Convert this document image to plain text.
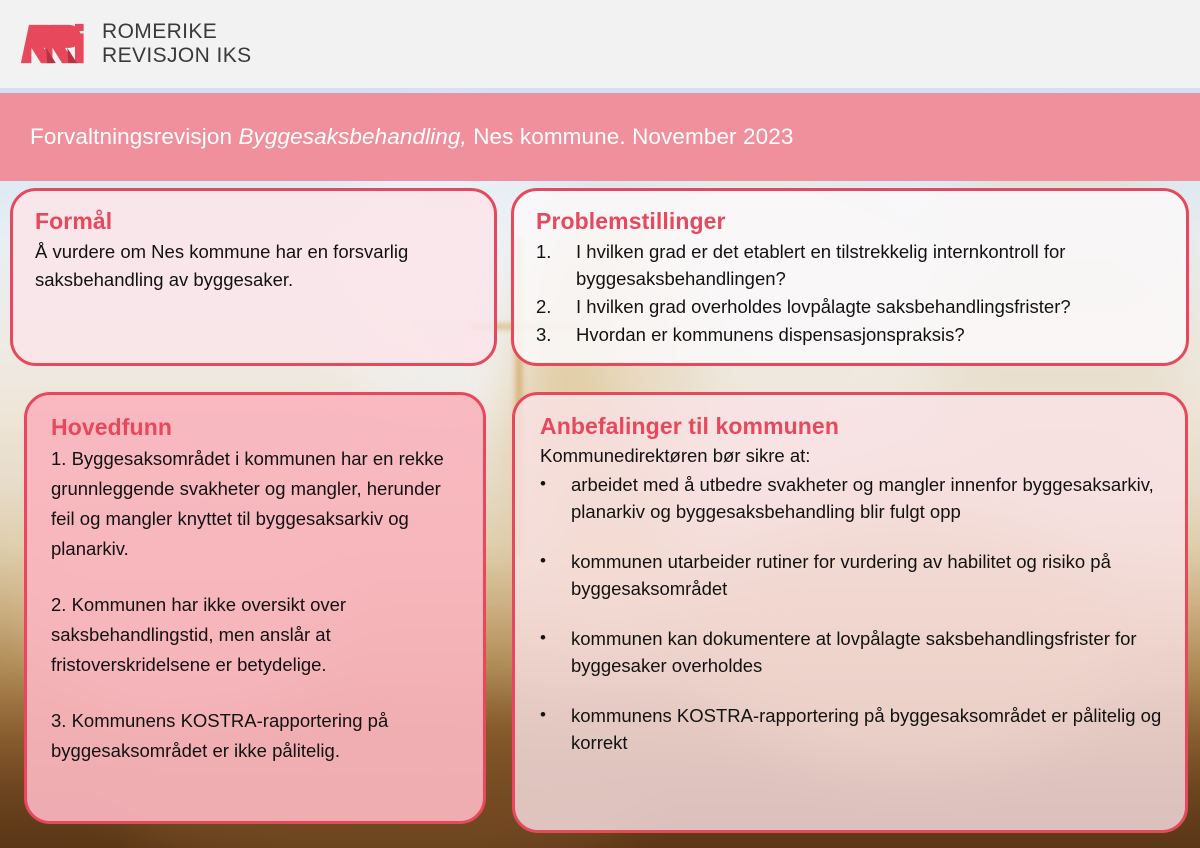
ROMERIKE
REVISJON IKS
Forvaltningsrevisjon Byggesaksbehandling, Nes kommune. November 2023
Formål

Å vurdere om Nes kommune har en forsvarlig saksbehandling av byggesaker.

Problemstillinger
1.	I hvilken grad er det etablert en tilstrekkelig internkontroll for byggesaksbehandlingen?
2.	I hvilken grad overholdes lovpålagte saksbehandlingsfrister?
3.	Hvordan er kommunens dispensasjonspraksis?
Hovedfunn

1. Byggesaksområdet i kommunen har en rekke grunnleggende svakheter og mangler, herunder feil og mangler knyttet til byggesaksarkiv og planarkiv.

2. Kommunen har ikke oversikt over saksbehandlingstid, men anslår at fristoverskridelsene er betydelige.

3. Kommunens KOSTRA-rapportering på byggesaksområdet er ikke pålitelig.

Anbefalinger til kommunen

Kommunedirektøren bør sikre at:

•	arbeidet med å utbedre svakheter og mangler innenfor byggesaksarkiv, planarkiv og byggesaksbehandling blir fulgt opp
•	kommunen utarbeider rutiner for vurdering av habilitet og risiko på byggesaksområdet
•	kommunen kan dokumentere at lovpålagte saksbehandlingsfrister for byggesaker overholdes
•	kommunens KOSTRA-rapportering på byggesaksområdet er pålitelig og korrekt
